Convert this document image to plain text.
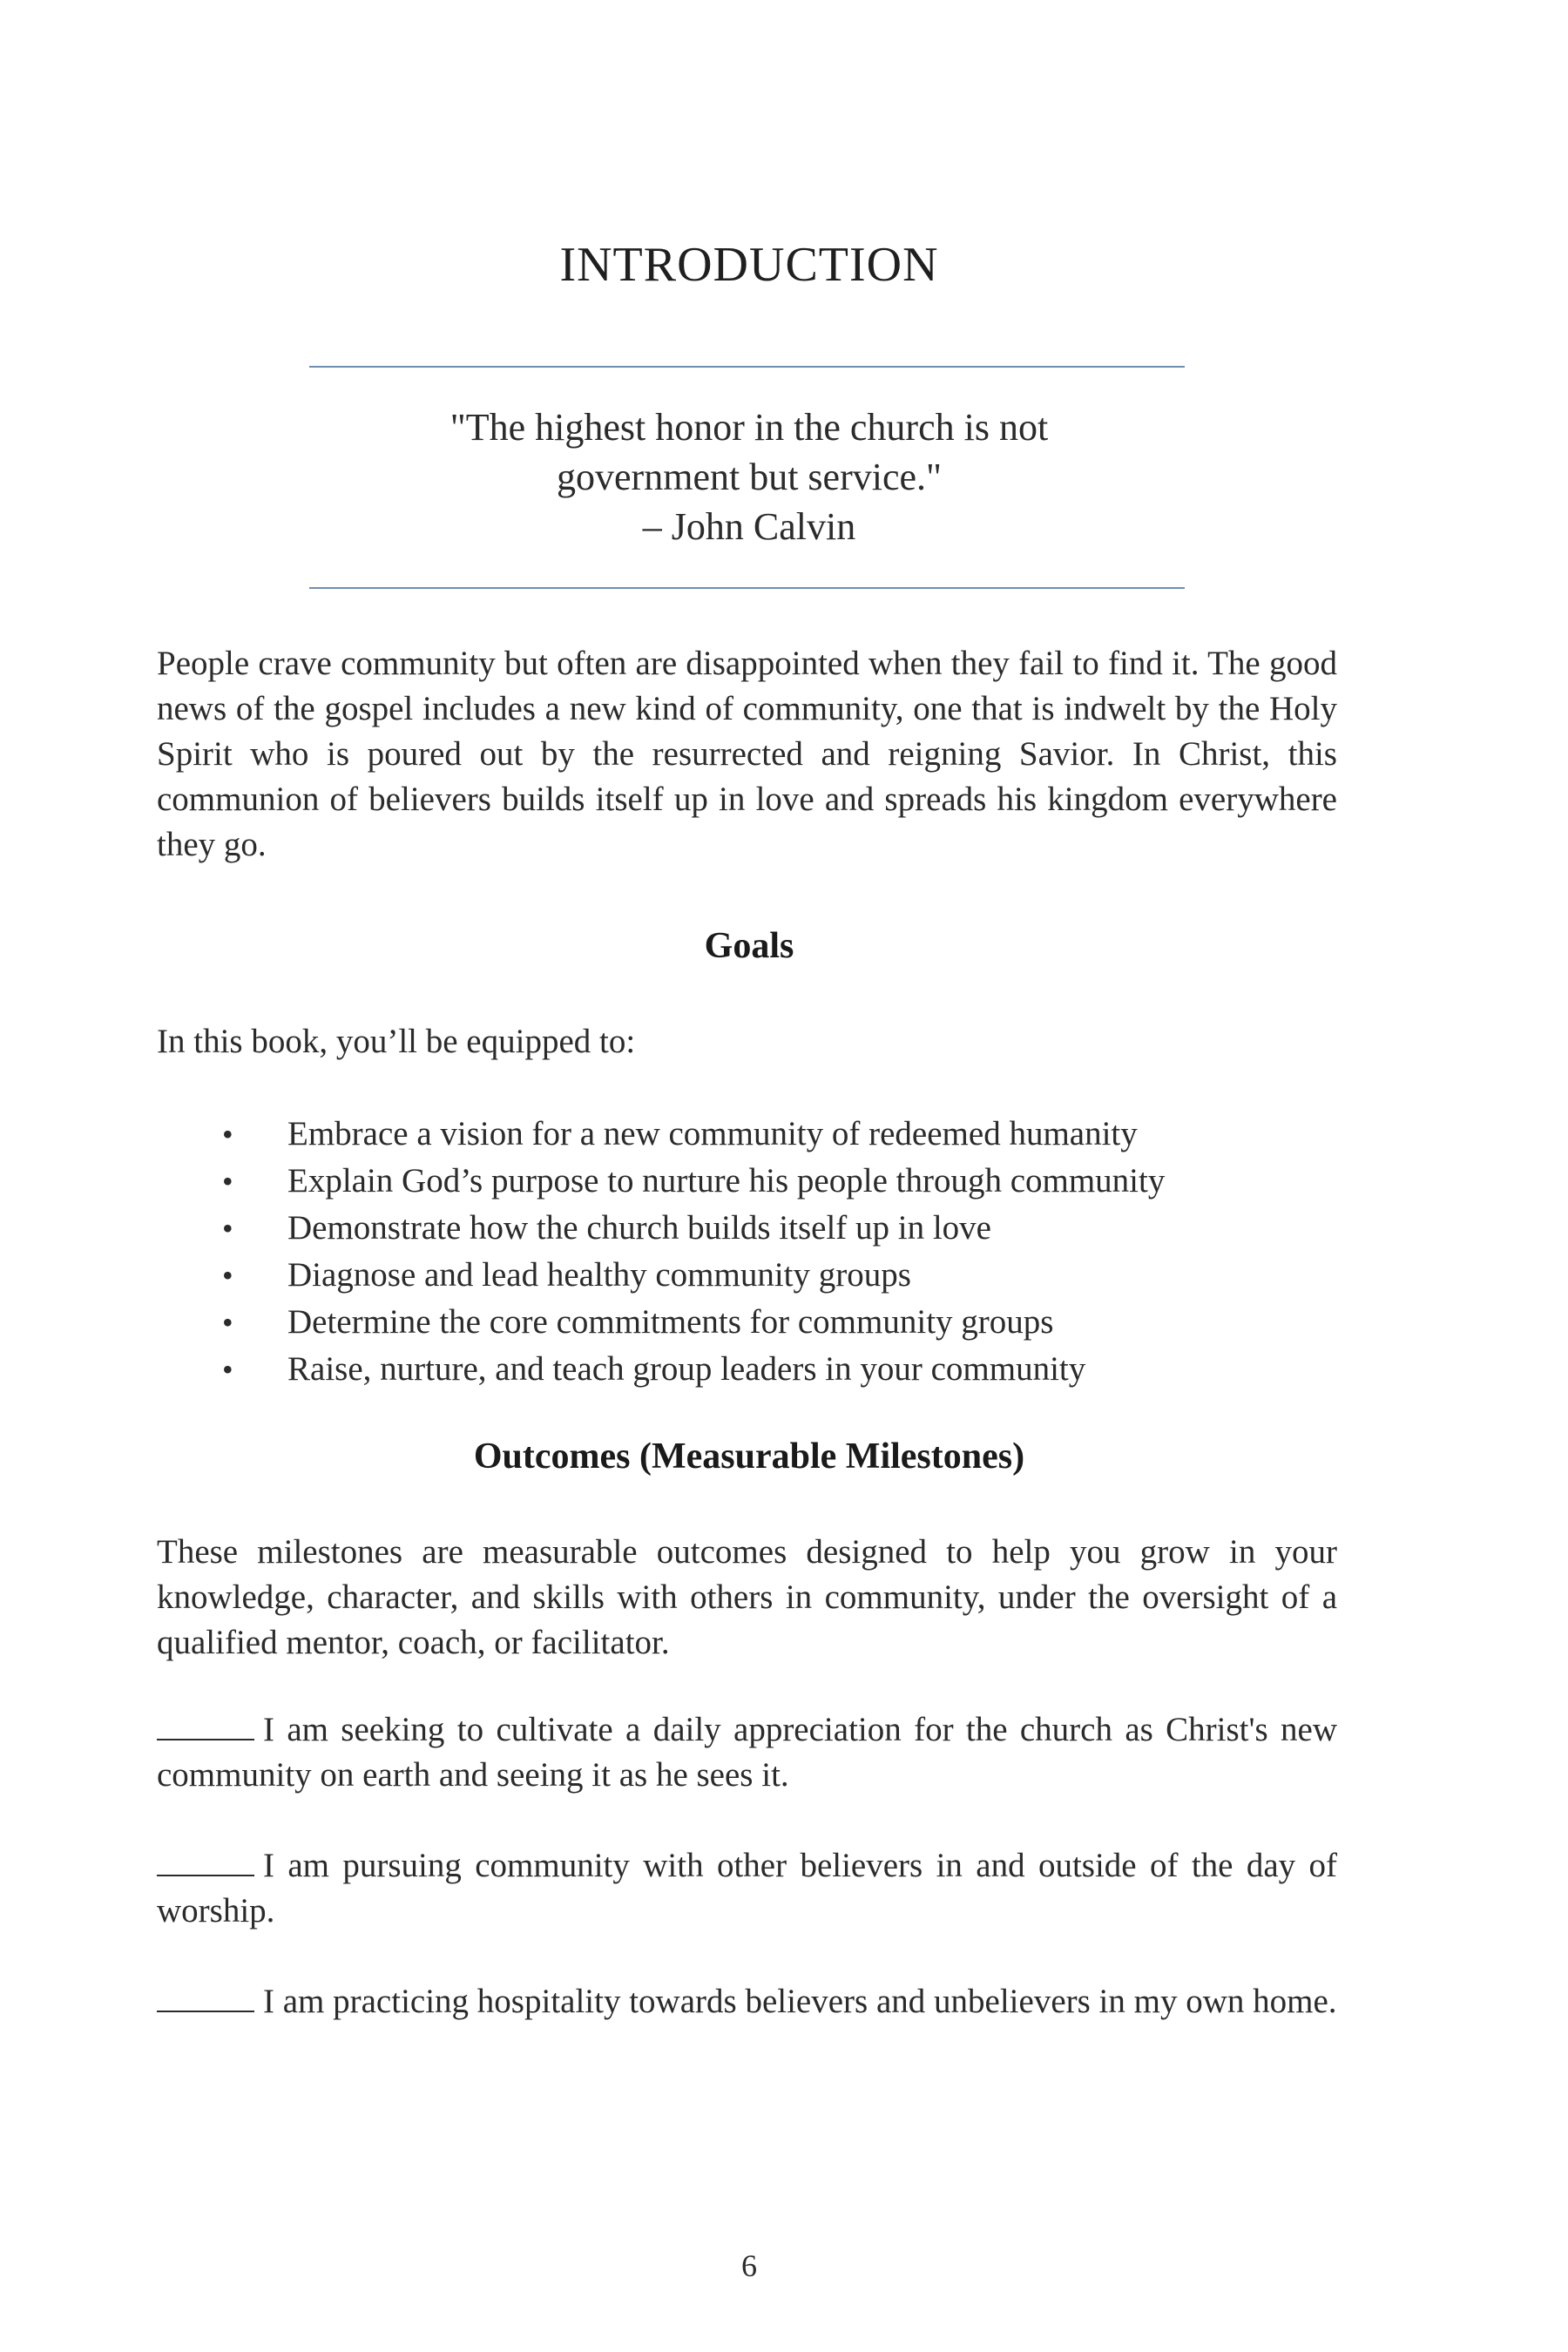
INTRODUCTION
"The highest honor in the church is not
government but service."
– John Calvin

People crave community but often are disappointed when they fail to find it. The good news of the gospel includes a new kind of community, one that is indwelt by the Holy Spirit who is poured out by the resurrected and reigning Savior. In Christ, this communion of believers builds itself up in love and spreads his kingdom everywhere they go.

Goals

In this book, you’ll be equipped to:

• Embrace a vision for a new community of redeemed humanity
• Explain God’s purpose to nurture his people through community
• Demonstrate how the church builds itself up in love
• Diagnose and lead healthy community groups
• Determine the core commitments for community groups
• Raise, nurture, and teach group leaders in your community
Outcomes (Measurable Milestones)

These milestones are measurable outcomes designed to help you grow in your knowledge, character, and skills with others in community, under the oversight of a qualified mentor, coach, or facilitator.

I am seeking to cultivate a daily appreciation for the church as Christ's new community on earth and seeing it as he sees it.

I am pursuing community with other believers in and outside of the day of worship.

I am practicing hospitality towards believers and unbelievers in my own home.

6
